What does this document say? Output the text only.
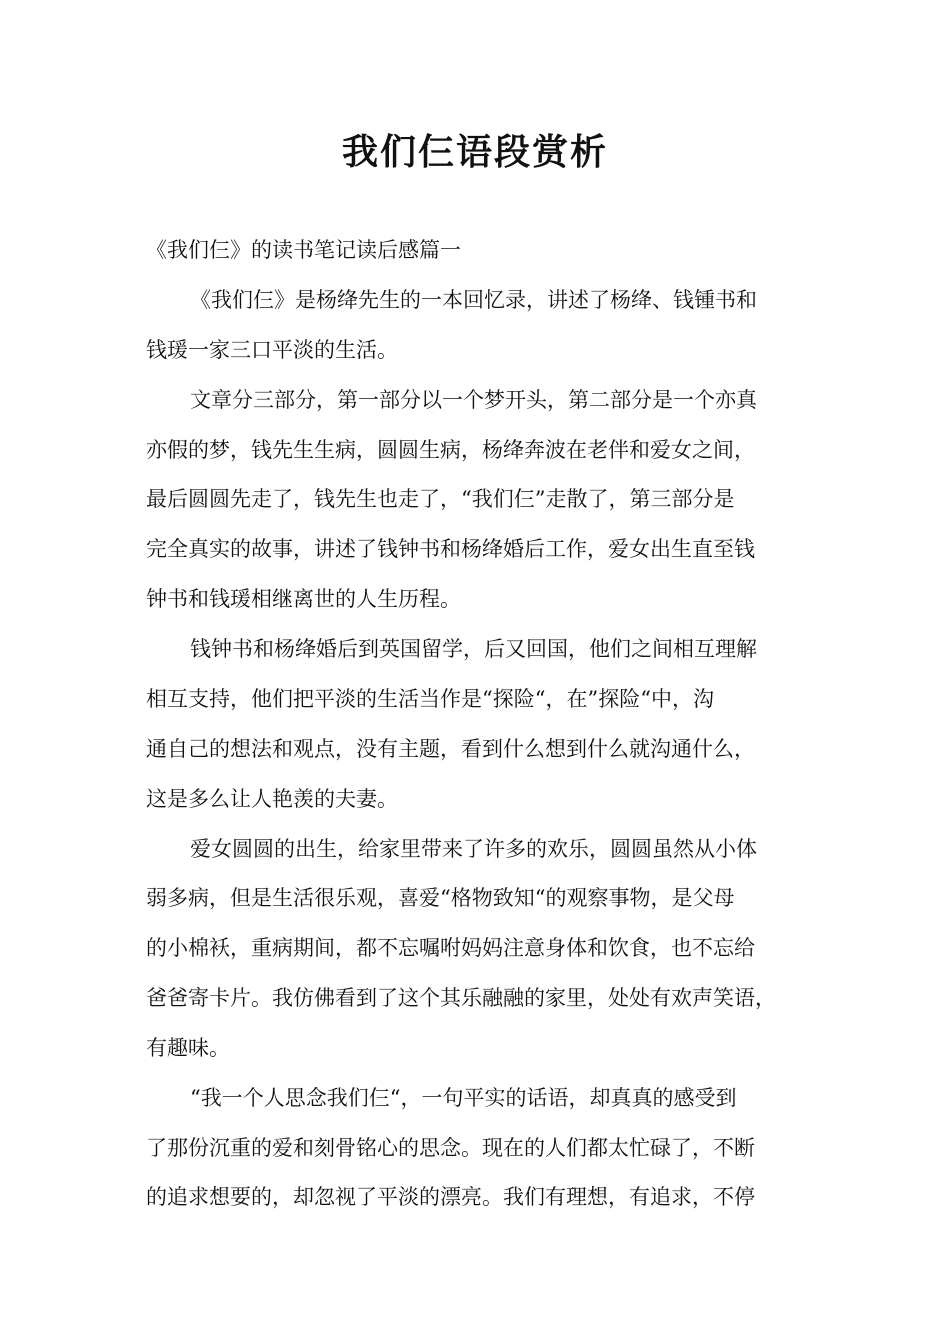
我们仨语段赏析

《我们仨》的读书笔记读后感篇一

《我们仨》是杨绛先生的一本回忆录，讲述了杨绛、钱锺书和

钱瑗一家三口平淡的生活。

文章分三部分，第一部分以一个梦开头，第二部分是一个亦真

亦假的梦，钱先生生病，圆圆生病，杨绛奔波在老伴和爱女之间，

最后圆圆先走了，钱先生也走了，“我们仨”走散了，第三部分是

完全真实的故事，讲述了钱钟书和杨绛婚后工作，爱女出生直至钱

钟书和钱瑗相继离世的人生历程。

钱钟书和杨绛婚后到英国留学，后又回国，他们之间相互理解

相互支持，他们把平淡的生活当作是“探险“，在”探险“中，沟

通自己的想法和观点，没有主题，看到什么想到什么就沟通什么，

这是多么让人艳羡的夫妻。

爱女圆圆的出生，给家里带来了许多的欢乐，圆圆虽然从小体

弱多病，但是生活很乐观，喜爱“格物致知“的观察事物，是父母

的小棉袄，重病期间，都不忘嘱咐妈妈注意身体和饮食，也不忘给

爸爸寄卡片。我仿佛看到了这个其乐融融的家里，处处有欢声笑语，

有趣味。

“我一个人思念我们仨“，一句平实的话语，却真真的感受到

了那份沉重的爱和刻骨铭心的思念。现在的人们都太忙碌了，不断

的追求想要的，却忽视了平淡的漂亮。我们有理想，有追求，不停
